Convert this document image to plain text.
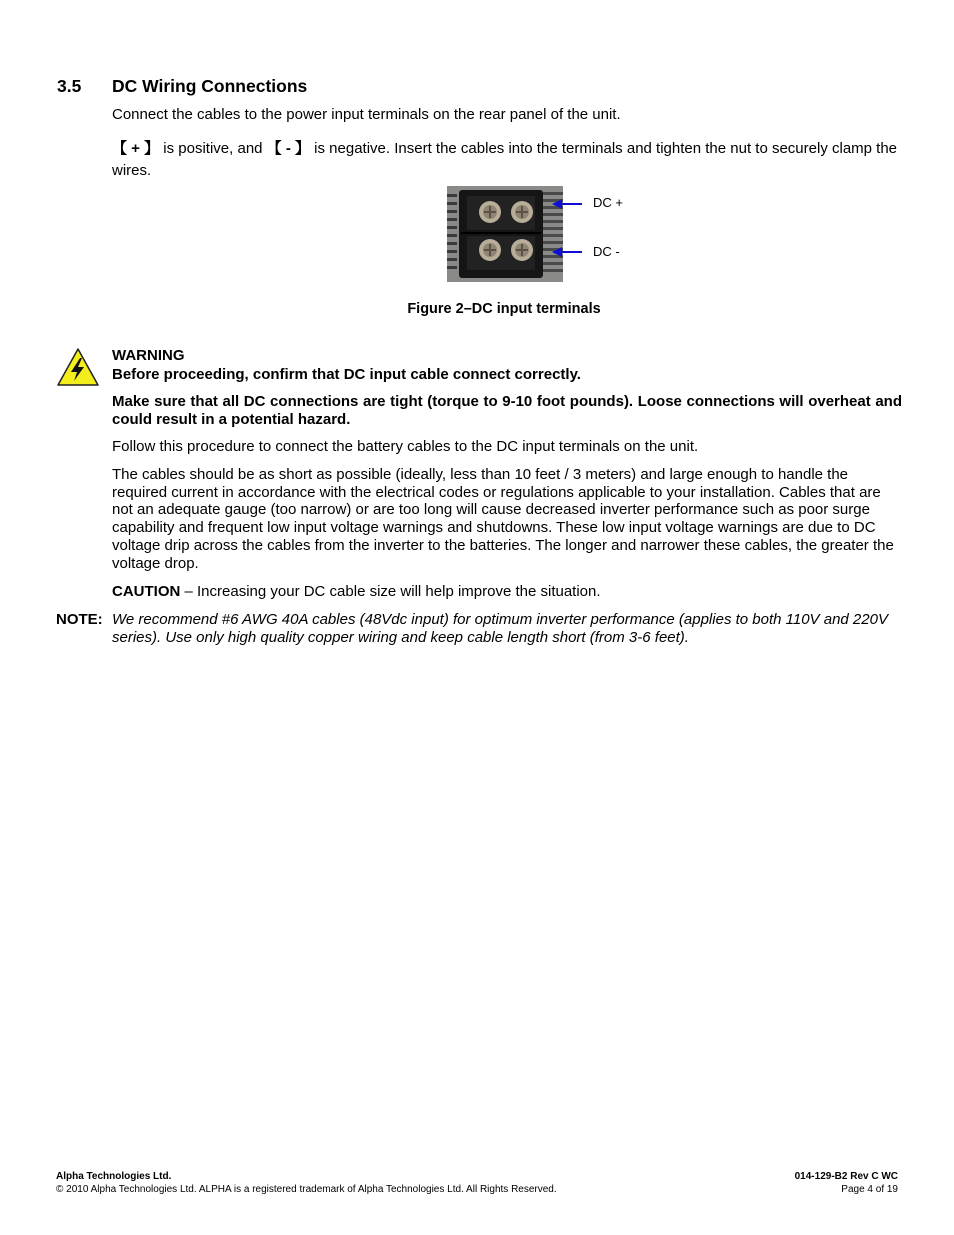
3.5 DC Wiring Connections
Connect the cables to the power input terminals on the rear panel of the unit.
【 + 】 is positive, and 【 - 】 is negative. Insert the cables into the terminals and tighten the nut to securely clamp the wires.
DC +
DC -
Figure 2–DC input terminals
WARNING
Before proceeding, confirm that DC input cable connect correctly.
Make sure that all DC connections are tight (torque to 9-10 foot pounds). Loose connections will overheat and could result in a potential hazard.
Follow this procedure to connect the battery cables to the DC input terminals on the unit.
The cables should be as short as possible (ideally, less than 10 feet / 3 meters) and large enough to handle the required current in accordance with the electrical codes or regulations applicable to your installation. Cables that are not an adequate gauge (too narrow) or are too long will cause decreased inverter performance such as poor surge capability and frequent low input voltage warnings and shutdowns. These low input voltage warnings are due to DC voltage drip across the cables from the inverter to the batteries. The longer and narrower these cables, the greater the voltage drop.
CAUTION – Increasing your DC cable size will help improve the situation.
NOTE: We recommend #6 AWG 40A cables (48Vdc input) for optimum inverter performance (applies to both 110V and 220V series). Use only high quality copper wiring and keep cable length short (from 3-6 feet).
Alpha Technologies Ltd.
© 2010 Alpha Technologies Ltd. ALPHA is a registered trademark of Alpha Technologies Ltd. All Rights Reserved.
014-129-B2 Rev C WC
Page 4 of 19
